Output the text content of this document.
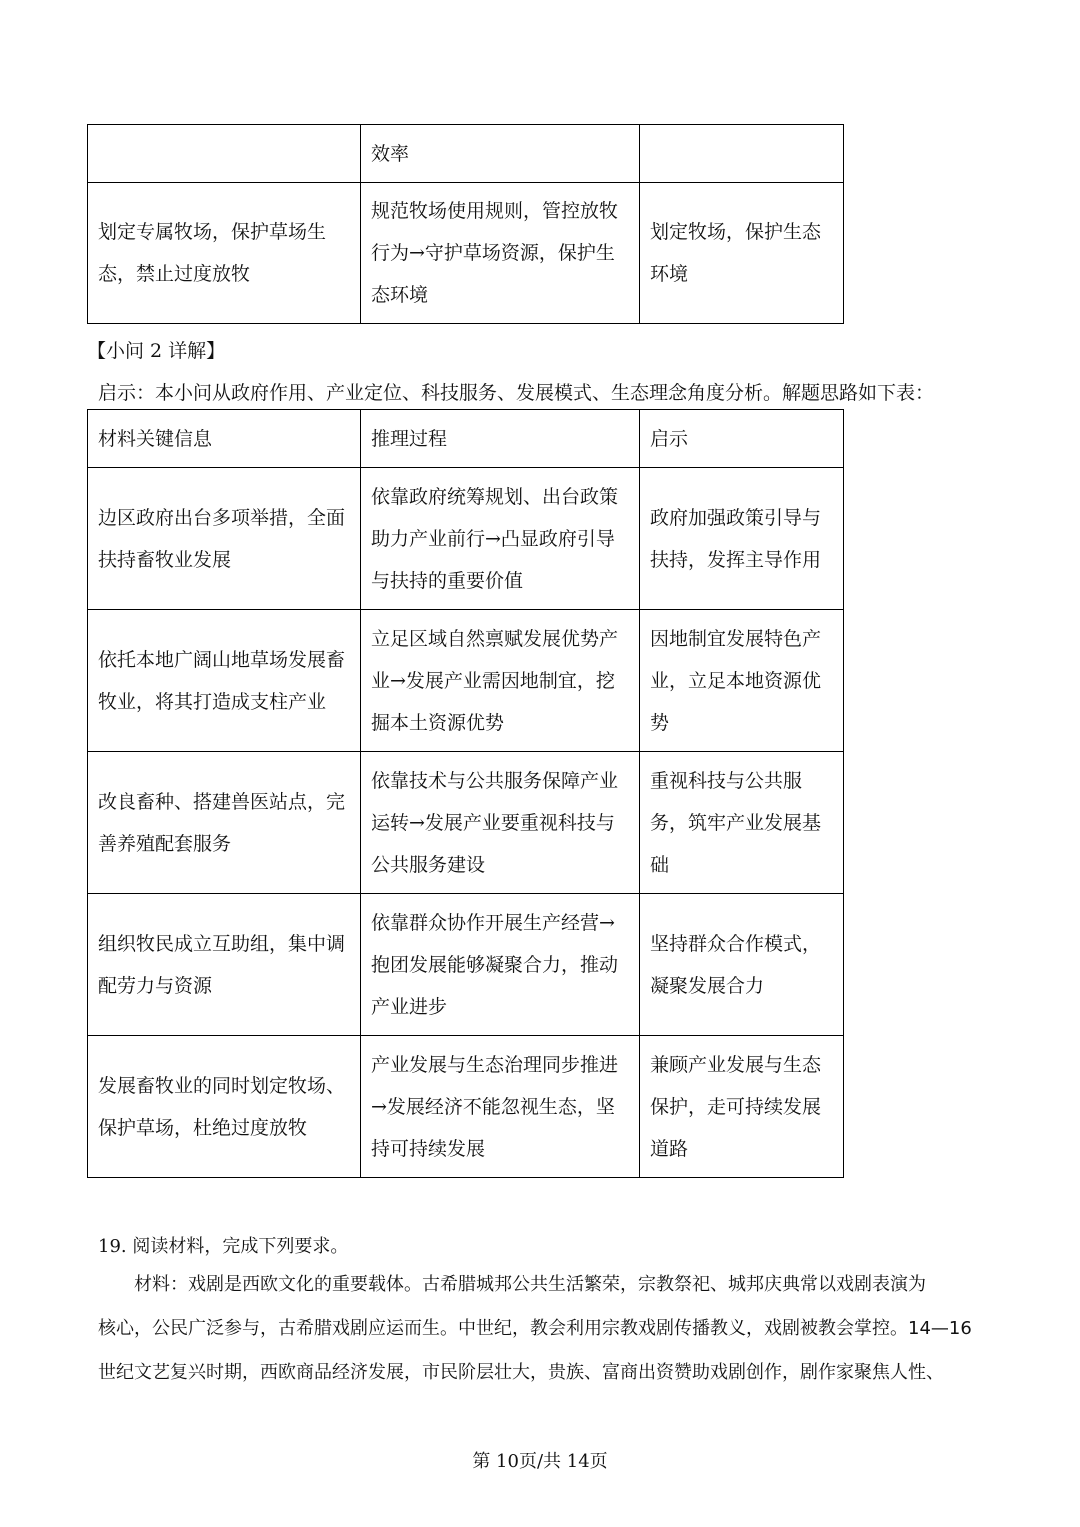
	效率	
划定专属牧场，保护草场生态，禁止过度放牧	规范牧场使用规则，管控放牧行为→守护草场资源，保护生态环境	划定牧场，保护生态环境
【小问 2 详解】
启示：本小问从政府作用、产业定位、科技服务、发展模式、生态理念角度分析。解题思路如下表：
材料关键信息	推理过程	启示
边区政府出台多项举措，全面扶持畜牧业发展	依靠政府统筹规划、出台政策助力产业前行→凸显政府引导与扶持的重要价值	政府加强政策引导与扶持，发挥主导作用
依托本地广阔山地草场发展畜牧业，将其打造成支柱产业	立足区域自然禀赋发展优势产业→发展产业需因地制宜，挖掘本土资源优势	因地制宜发展特色产业，立足本地资源优势
改良畜种、搭建兽医站点，完善养殖配套服务	依靠技术与公共服务保障产业运转→发展产业要重视科技与公共服务建设	重视科技与公共服务，筑牢产业发展基础
组织牧民成立互助组，集中调配劳力与资源	依靠群众协作开展生产经营→抱团发展能够凝聚合力，推动产业进步	坚持群众合作模式，凝聚发展合力
发展畜牧业的同时划定牧场、保护草场，杜绝过度放牧	产业发展与生态治理同步推进→发展经济不能忽视生态，坚持可持续发展	兼顾产业发展与生态保护，走可持续发展道路
19. 阅读材料，完成下列要求。

材料：戏剧是西欧文化的重要载体。古希腊城邦公共生活繁荣，宗教祭祀、城邦庆典常以戏剧表演为

核心，公民广泛参与，古希腊戏剧应运而生。中世纪，教会利用宗教戏剧传播教义，戏剧被教会掌控。14—16

世纪文艺复兴时期，西欧商品经济发展，市民阶层壮大，贵族、富商出资赞助戏剧创作，剧作家聚焦人性、

第 10页/共 14页
